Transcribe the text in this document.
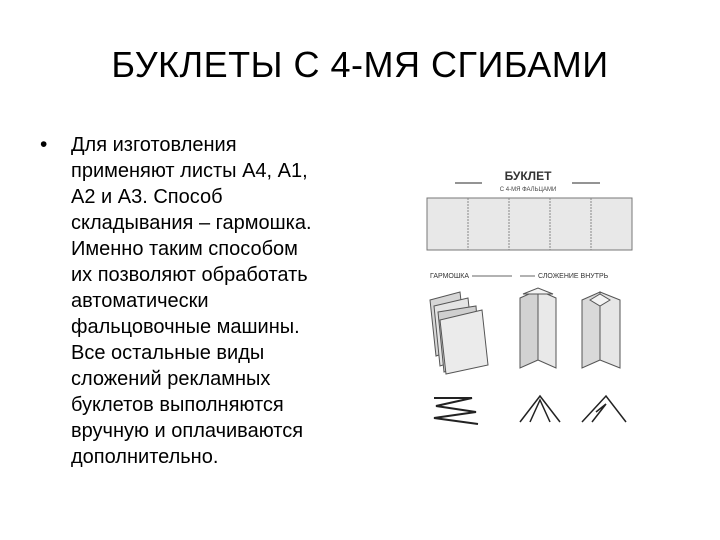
БУКЛЕТЫ С 4-МЯ СГИБАМИ
• Для изготовления
применяют листы А4, А1,
А2 и А3. Способ
складывания – гармошка.
Именно таким способом
их позволяют обработать
автоматически
фальцовочные машины.
Все остальные виды
сложений рекламных
буклетов выполняются
вручную и оплачиваются
дополнительно.
БУКЛЕТ
С 4-МЯ ФАЛЬЦАМИ
ГАРМОШКА	СЛОЖЕНИЕ ВНУТРЬ
